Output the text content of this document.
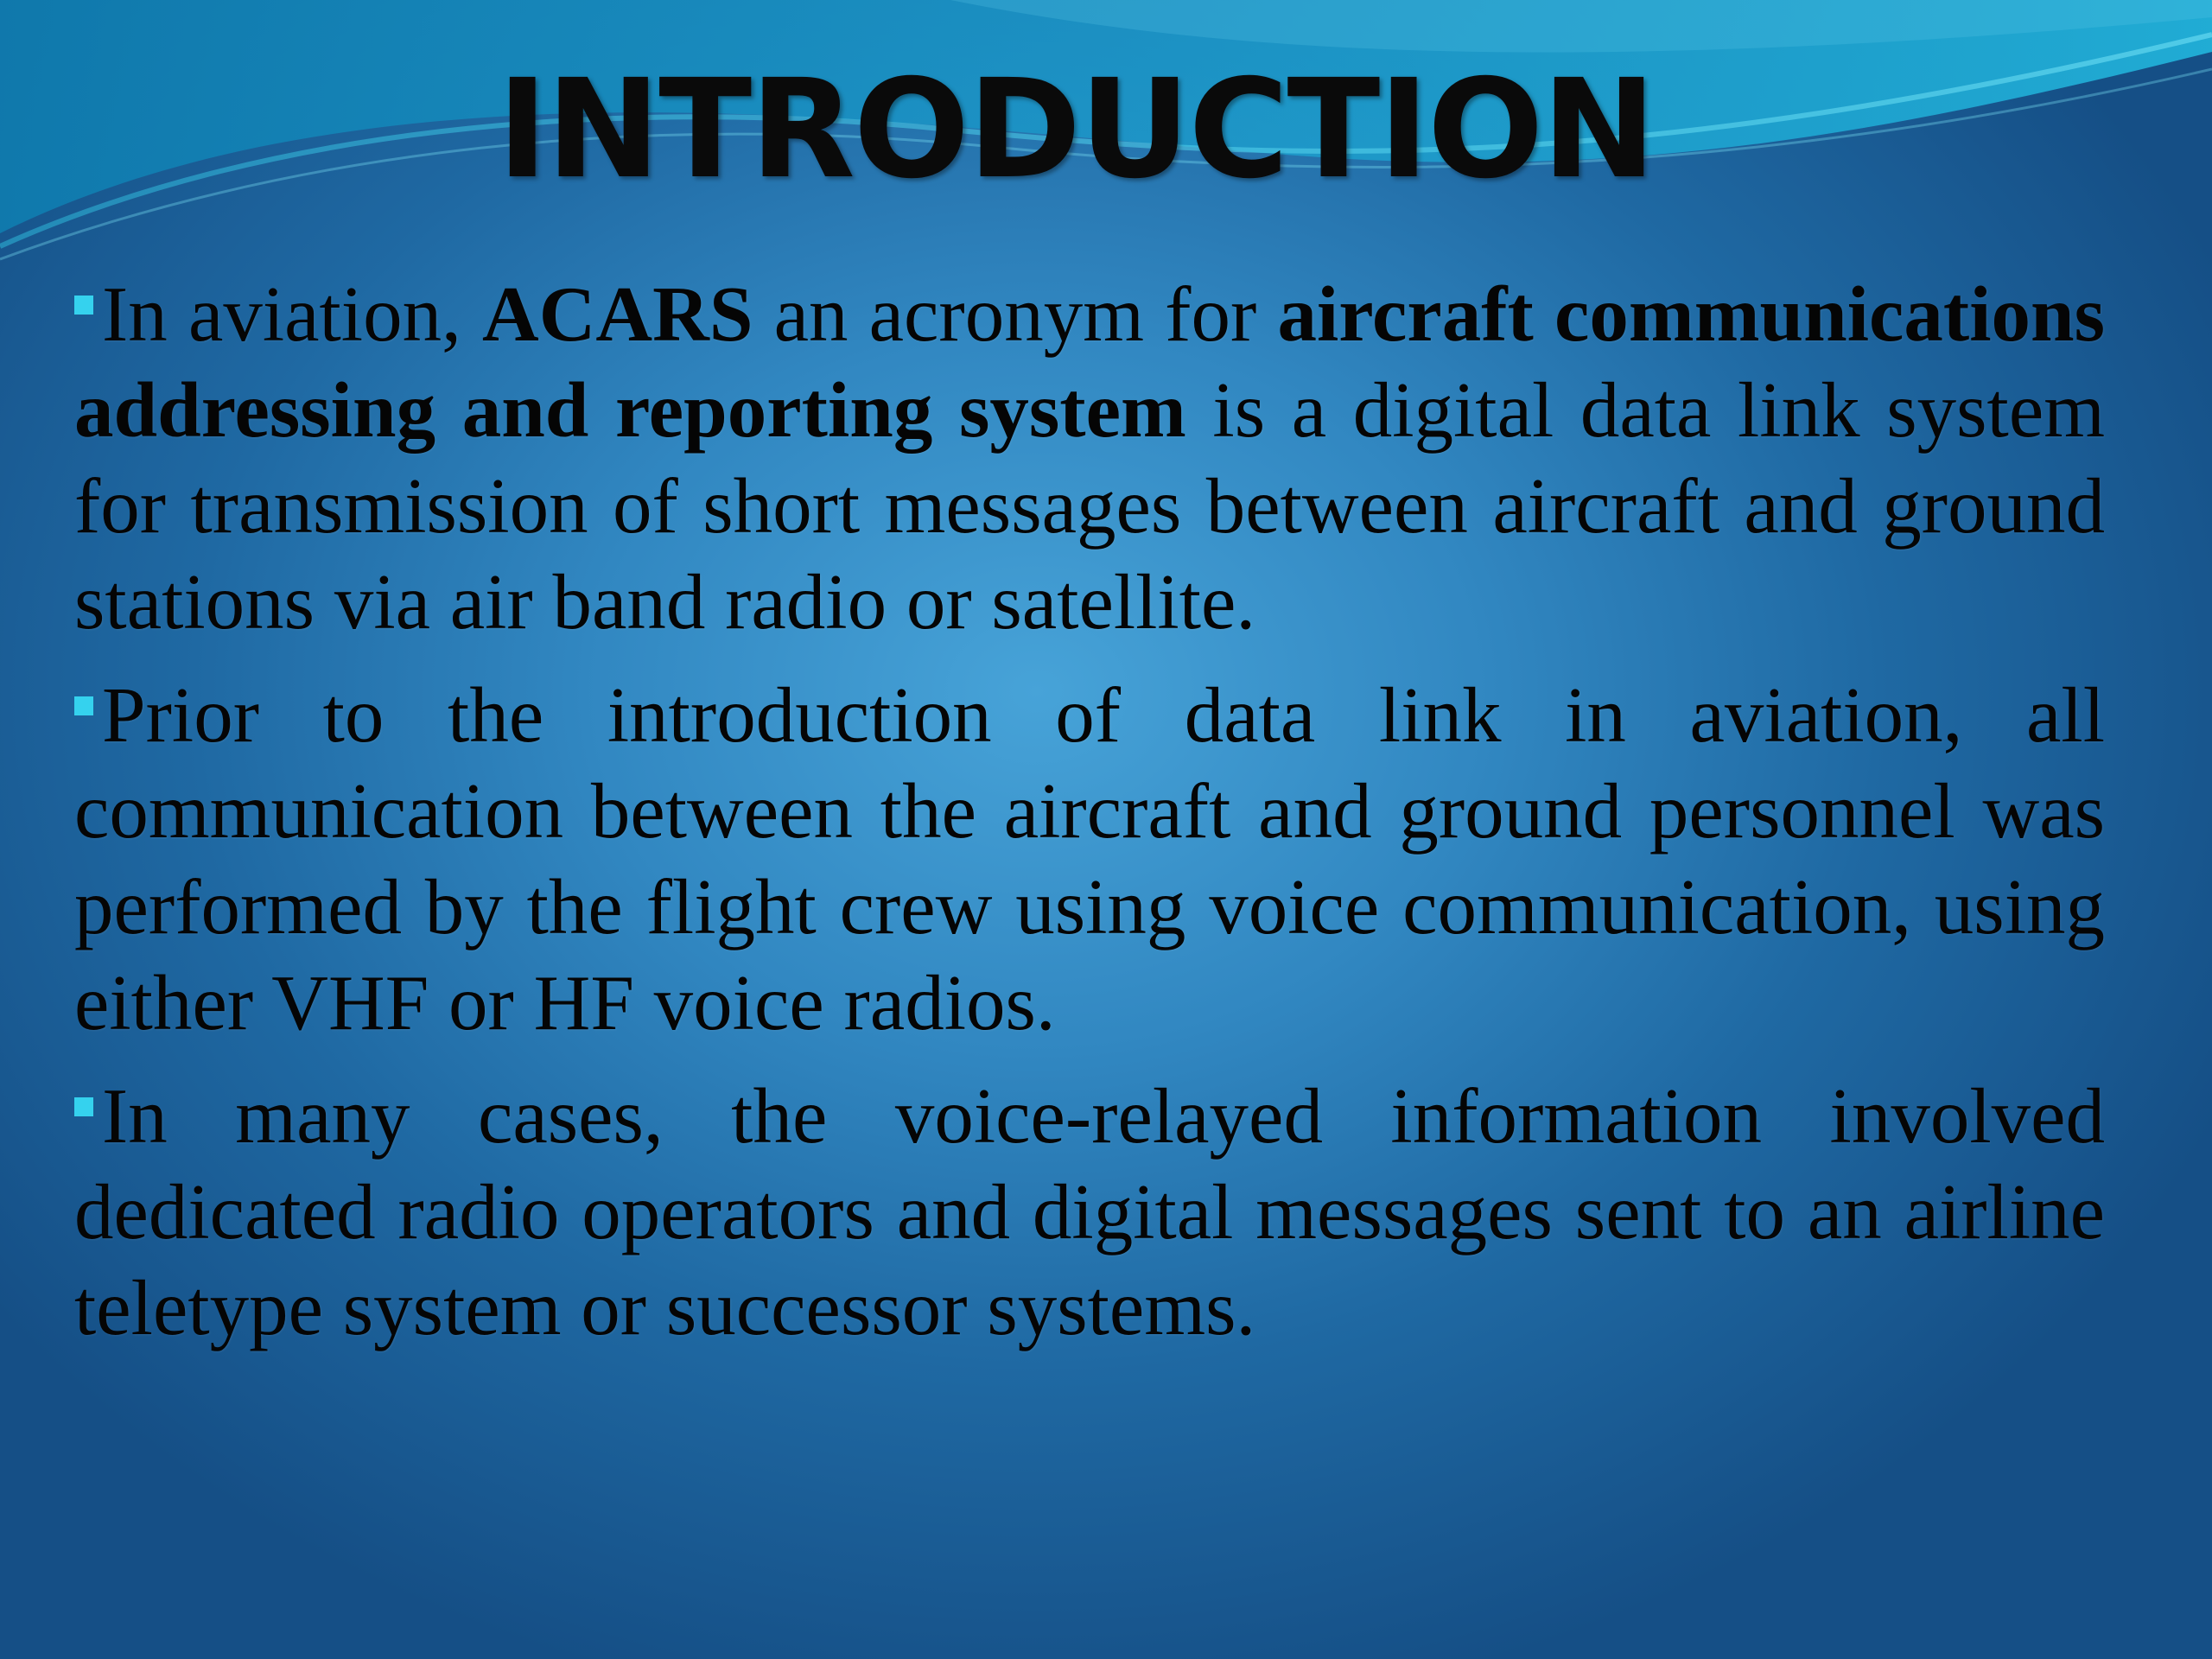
INTRODUCTION

In aviation, ACARS an acronym for aircraft communications addressing and reporting system is a digital data link system for transmission of short messages between aircraft and ground stations via air band radio or satellite.

Prior to the introduction of data link in aviation, all communication between the aircraft and ground personnel was performed by the flight crew using voice communication, using either VHF or HF voice radios.

In many cases, the voice-relayed information involved dedicated radio operators and digital messages sent to an airline teletype system or successor systems.
